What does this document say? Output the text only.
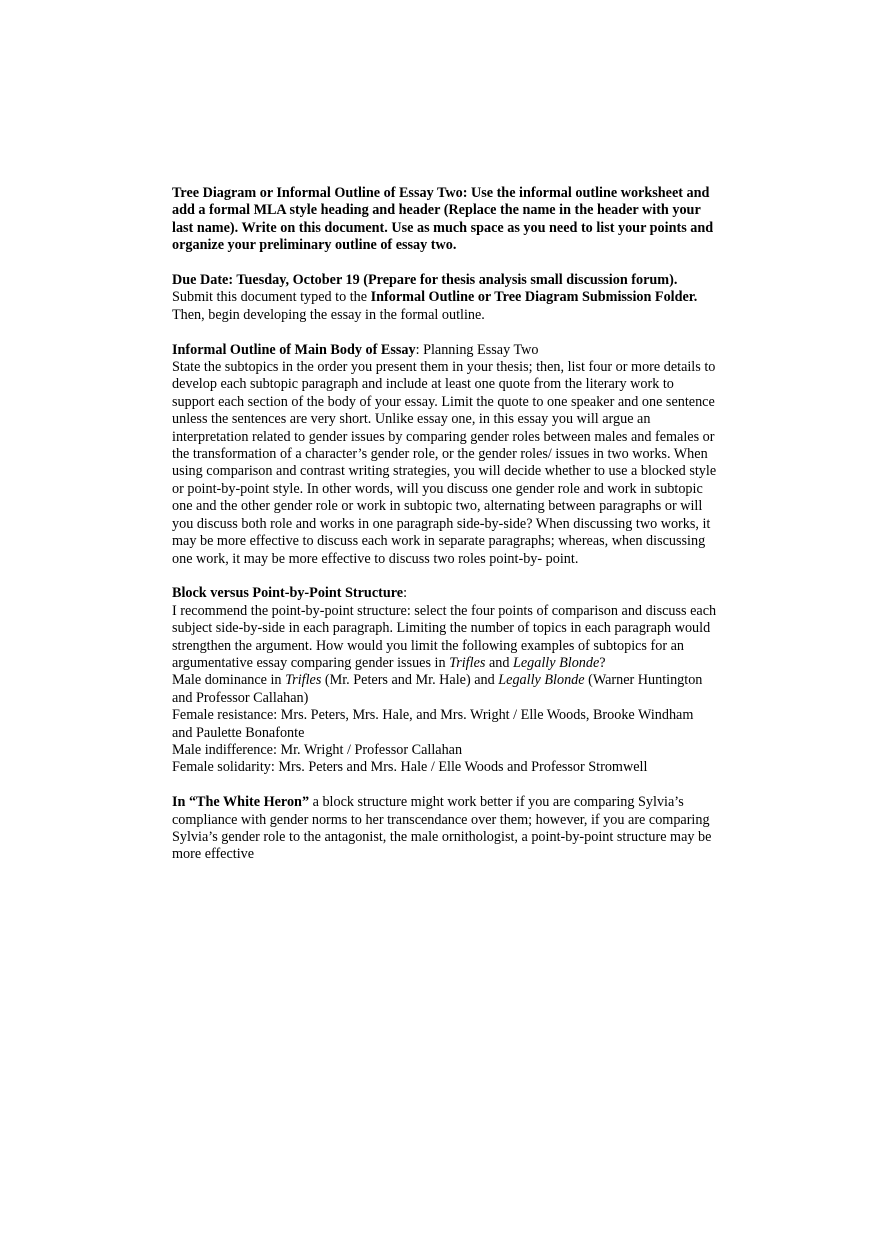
Tree Diagram or Informal Outline of Essay Two: Use the informal outline worksheet and add a formal MLA style heading and header (Replace the name in the header with your last name). Write on this document. Use as much space as you need to list your points and organize your preliminary outline of essay two.

Due Date: Tuesday, October 19 (Prepare for thesis analysis small discussion forum). Submit this document typed to the Informal Outline or Tree Diagram Submission Folder. Then, begin developing the essay in the formal outline.

Informal Outline of Main Body of Essay: Planning Essay Two

State the subtopics in the order you present them in your thesis; then, list four or more details to develop each subtopic paragraph and include at least one quote from the literary work to support each section of the body of your essay. Limit the quote to one speaker and one sentence unless the sentences are very short. Unlike essay one, in this essay you will argue an interpretation related to gender issues by comparing gender roles between males and females or the transformation of a character’s gender role, or the gender roles/ issues in two works. When using comparison and contrast writing strategies, you will decide whether to use a blocked style or point-by-point style. In other words, will you discuss one gender role and work in subtopic one and the other gender role or work in subtopic two, alternating between paragraphs or will you discuss both role and works in one paragraph side-by-side? When discussing two works, it may be more effective to discuss each work in separate paragraphs; whereas, when discussing one work, it may be more effective to discuss two roles point-by- point.

Block versus Point-by-Point Structure:

I recommend the point-by-point structure: select the four points of comparison and discuss each subject side-by-side in each paragraph. Limiting the number of topics in each paragraph would strengthen the argument. How would you limit the following examples of subtopics for an argumentative essay comparing gender issues in Trifles and Legally Blonde?

Male dominance in Trifles (Mr. Peters and Mr. Hale) and Legally Blonde (Warner Huntington and Professor Callahan)

Female resistance: Mrs. Peters, Mrs. Hale, and Mrs. Wright / Elle Woods, Brooke Windham and Paulette Bonafonte

Male indifference: Mr. Wright / Professor Callahan

Female solidarity: Mrs. Peters and Mrs. Hale / Elle Woods and Professor Stromwell

In “The White Heron” a block structure might work better if you are comparing Sylvia’s compliance with gender norms to her transcendance over them; however, if you are comparing Sylvia’s gender role to the antagonist, the male ornithologist, a point-by-point structure may be more effective
